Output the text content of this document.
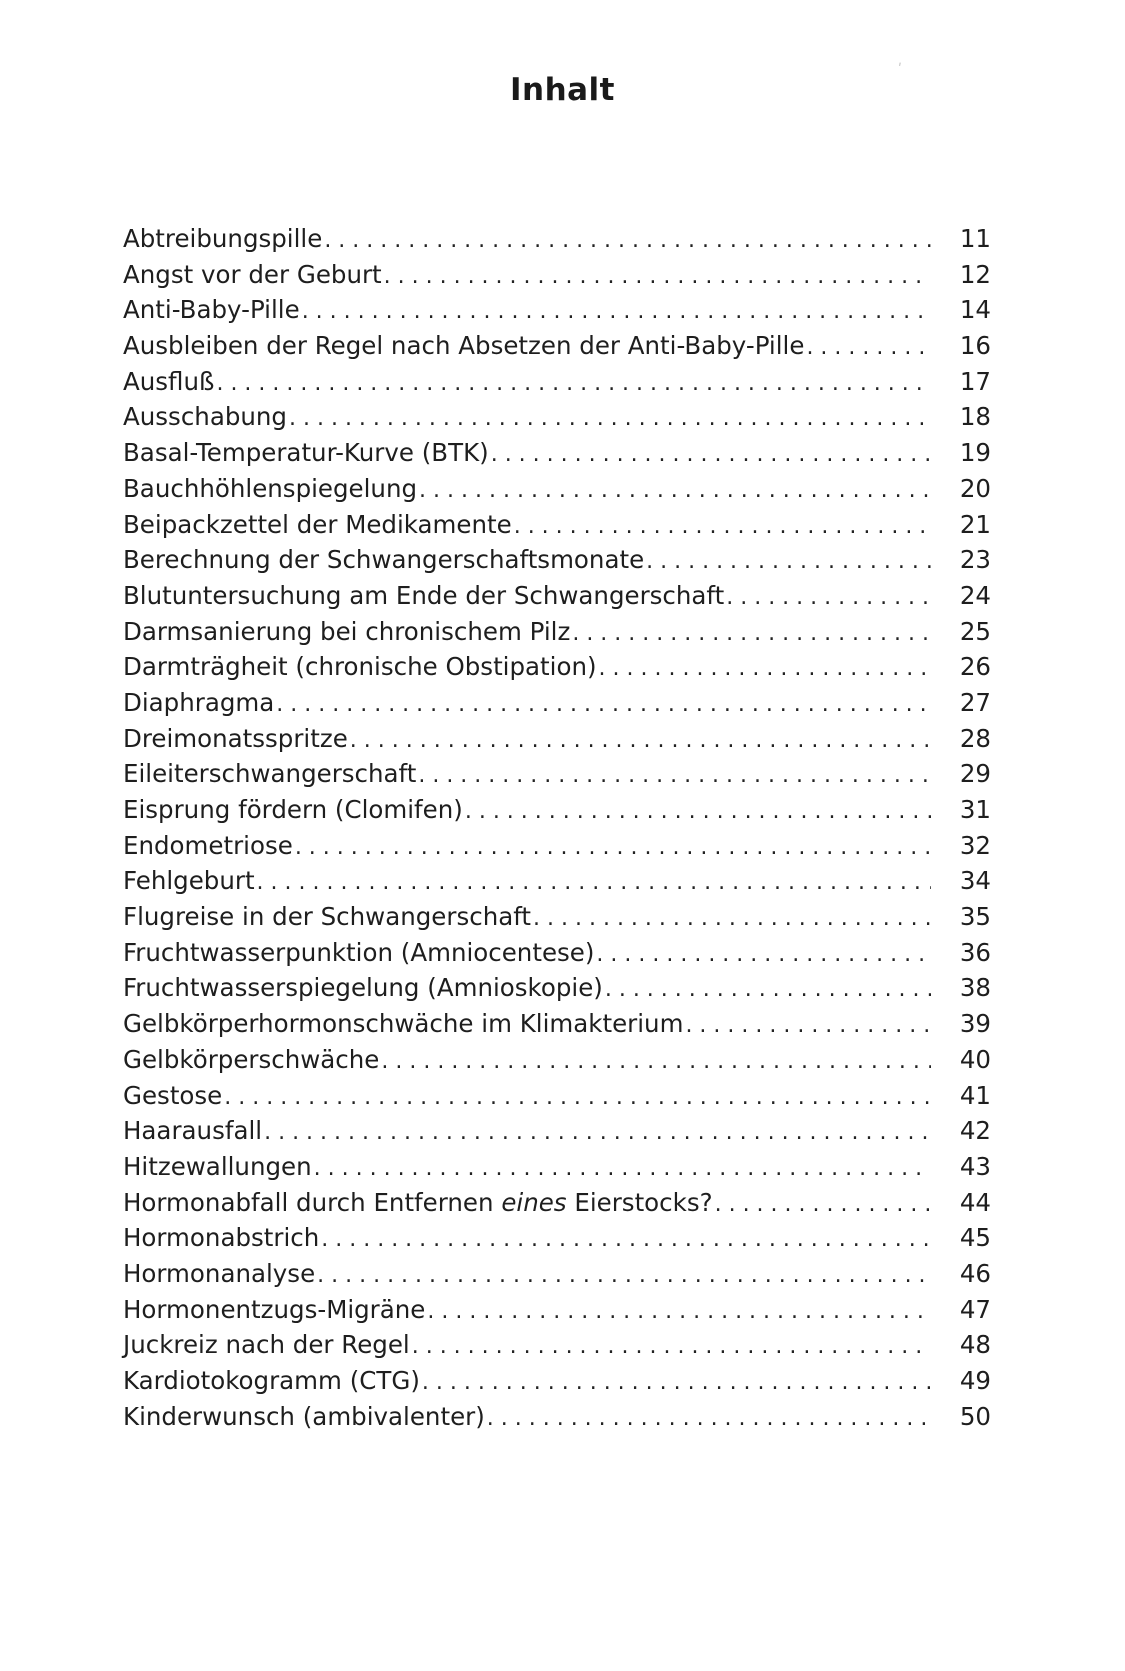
Inhalt
Abtreibungspille . . .	11
Angst vor der Geburt . . .	12
Anti-Baby-Pille . . .	14
Ausbleiben der Regel nach Absetzen der Anti-Baby-Pille . . .	16
Ausfluß . . .	17
Ausschabung . . .	18
Basal-Temperatur-Kurve (BTK) . . .	19
Bauchhöhlenspiegelung . . .	20
Beipackzettel der Medikamente . . .	21
Berechnung der Schwangerschaftsmonate . . .	23
Blutuntersuchung am Ende der Schwangerschaft . . .	24
Darmsanierung bei chronischem Pilz . . .	25
Darmträgheit (chronische Obstipation) . . .	26
Diaphragma . . .	27
Dreimonatsspritze . . .	28
Eileiterschwangerschaft . . .	29
Eisprung fördern (Clomifen) . . .	31
Endometriose . . .	32
Fehlgeburt . . .	34
Flugreise in der Schwangerschaft . . .	35
Fruchtwasserpunktion (Amniocentese) . . .	36
Fruchtwasserspiegelung (Amnioskopie) . . .	38
Gelbkörperhormonschwäche im Klimakterium . . .	39
Gelbkörperschwäche . . .	40
Gestose . . .	41
Haarausfall . . .	42
Hitzewallungen . . .	43
Hormonabfall durch Entfernen eines Eierstocks? . . .	44
Hormonabstrich . . .	45
Hormonanalyse . . .	46
Hormonentzugs-Migräne . . .	47
Juckreiz nach der Regel . . .	48
Kardiotokogramm (CTG) . . .	49
Kinderwunsch (ambivalenter) . . .	50
ʹ
